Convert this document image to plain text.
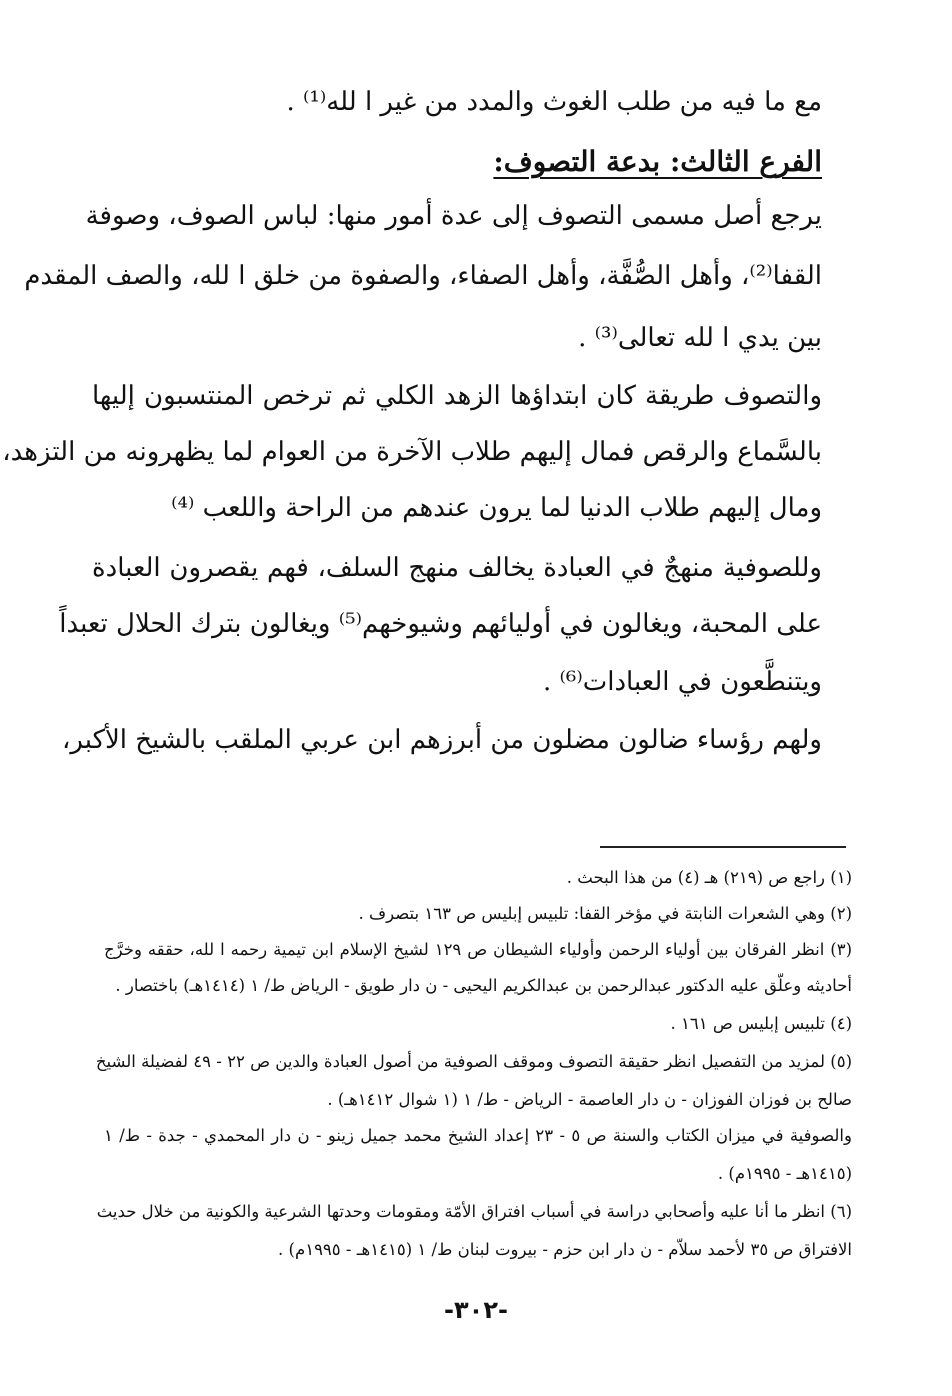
مع ما فيه من طلب الغوث والمدد من غير ا لله⁽¹⁾ .
الفرع الثالث: بدعة التصوف:
يرجع أصل مسمى التصوف إلى عدة أمور منها: لباس الصوف، وصوفة
القفا⁽²⁾، وأهل الصُّفَّة، وأهل الصفاء، والصفوة من خلق ا لله، والصف المقدم
بين يدي ا لله تعالى⁽³⁾ .
والتصوف طريقة كان ابتداؤها الزهد الكلي ثم ترخص المنتسبون إليها
بالسَّماع والرقص فمال إليهم طلاب الآخرة من العوام لما يظهرونه من التزهد،
ومال إليهم طلاب الدنيا لما يرون عندهم من الراحة واللعب ⁽⁴⁾
وللصوفية منهجٌ في العبادة يخالف منهج السلف، فهم يقصرون العبادة
على المحبة، ويغالون في أوليائهم وشيوخهم⁽⁵⁾ ويغالون بترك الحلال تعبداً
ويتنطَّعون في العبادات⁽⁶⁾ .
ولهم رؤساء ضالون مضلون من أبرزهم ابن عربي الملقب بالشيخ الأكبر،
(١) راجع ص (٢١٩) هـ (٤) من هذا البحث .
(٢) وهي الشعرات النابتة في مؤخر القفا: تلبيس إبليس ص ١٦٣ بتصرف .
(٣) انظر الفرقان بين أولياء الرحمن وأولياء الشيطان ص ١٢٩ لشيخ الإسلام ابن تيمية رحمه ا لله، حققه وخرَّج
أحاديثه وعلّق عليه الدكتور عبدالرحمن بن عبدالكريم اليحيى - ن دار طويق - الرياض ط/ ١ (١٤١٤هـ) باختصار .
(٤) تلبيس إبليس ص ١٦١ .
(٥) لمزيد من التفصيل انظر حقيقة التصوف وموقف الصوفية من أصول العبادة والدين ص ٢٢ - ٤٩ لفضيلة الشيخ
صالح بن فوزان الفوزان - ن دار العاصمة - الرياض - ط/ ١ (١ شوال ١٤١٢هـ) .
والصوفية في ميزان الكتاب والسنة ص ٥ - ٢٣ إعداد الشيخ محمد جميل زينو - ن دار المحمدي - جدة - ط/ ١
(١٤١٥هـ - ١٩٩٥م) .
(٦) انظر ما أنا عليه وأصحابي دراسة في أسباب افتراق الأمّة ومقومات وحدتها الشرعية والكونية من خلال حديث
الافتراق ص ٣٥ لأحمد سلاّم - ن دار ابن حزم - بيروت لبنان ط/ ١ (١٤١٥هـ - ١٩٩٥م) .
-٣٠٢-
